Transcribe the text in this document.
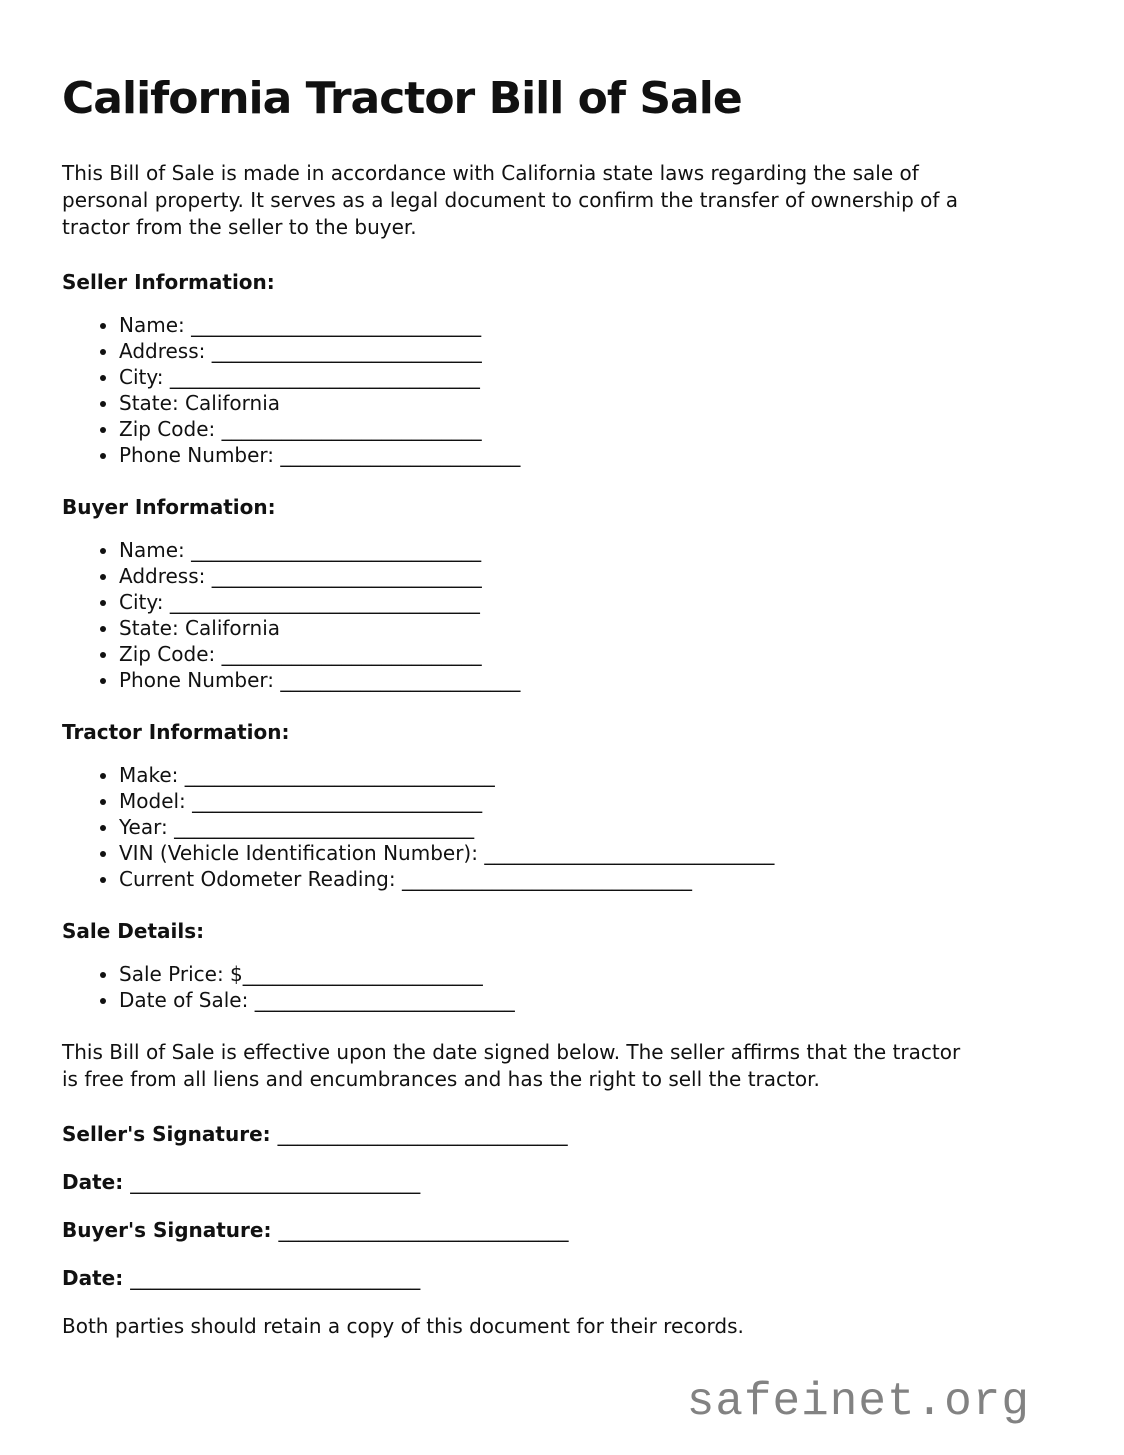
California Tractor Bill of Sale

This Bill of Sale is made in accordance with California state laws regarding the sale of
personal property. It serves as a legal document to confirm the transfer of ownership of a
tractor from the seller to the buyer.

Seller Information:

• Name: _____________________________
• Address: ___________________________
• City: _______________________________
• State: California
• Zip Code: __________________________
• Phone Number: ________________________

Buyer Information:

• Name: _____________________________
• Address: ___________________________
• City: _______________________________
• State: California
• Zip Code: __________________________
• Phone Number: ________________________

Tractor Information:

• Make: _______________________________
• Model: _____________________________
• Year: ______________________________
• VIN (Vehicle Identification Number): _____________________________
• Current Odometer Reading: _____________________________

Sale Details:

• Sale Price: $________________________
• Date of Sale: __________________________

This Bill of Sale is effective upon the date signed below. The seller affirms that the tractor
is free from all liens and encumbrances and has the right to sell the tractor.

Seller's Signature: _____________________________

Date: _____________________________

Buyer's Signature: _____________________________

Date: _____________________________

Both parties should retain a copy of this document for their records.

safeinet.org
